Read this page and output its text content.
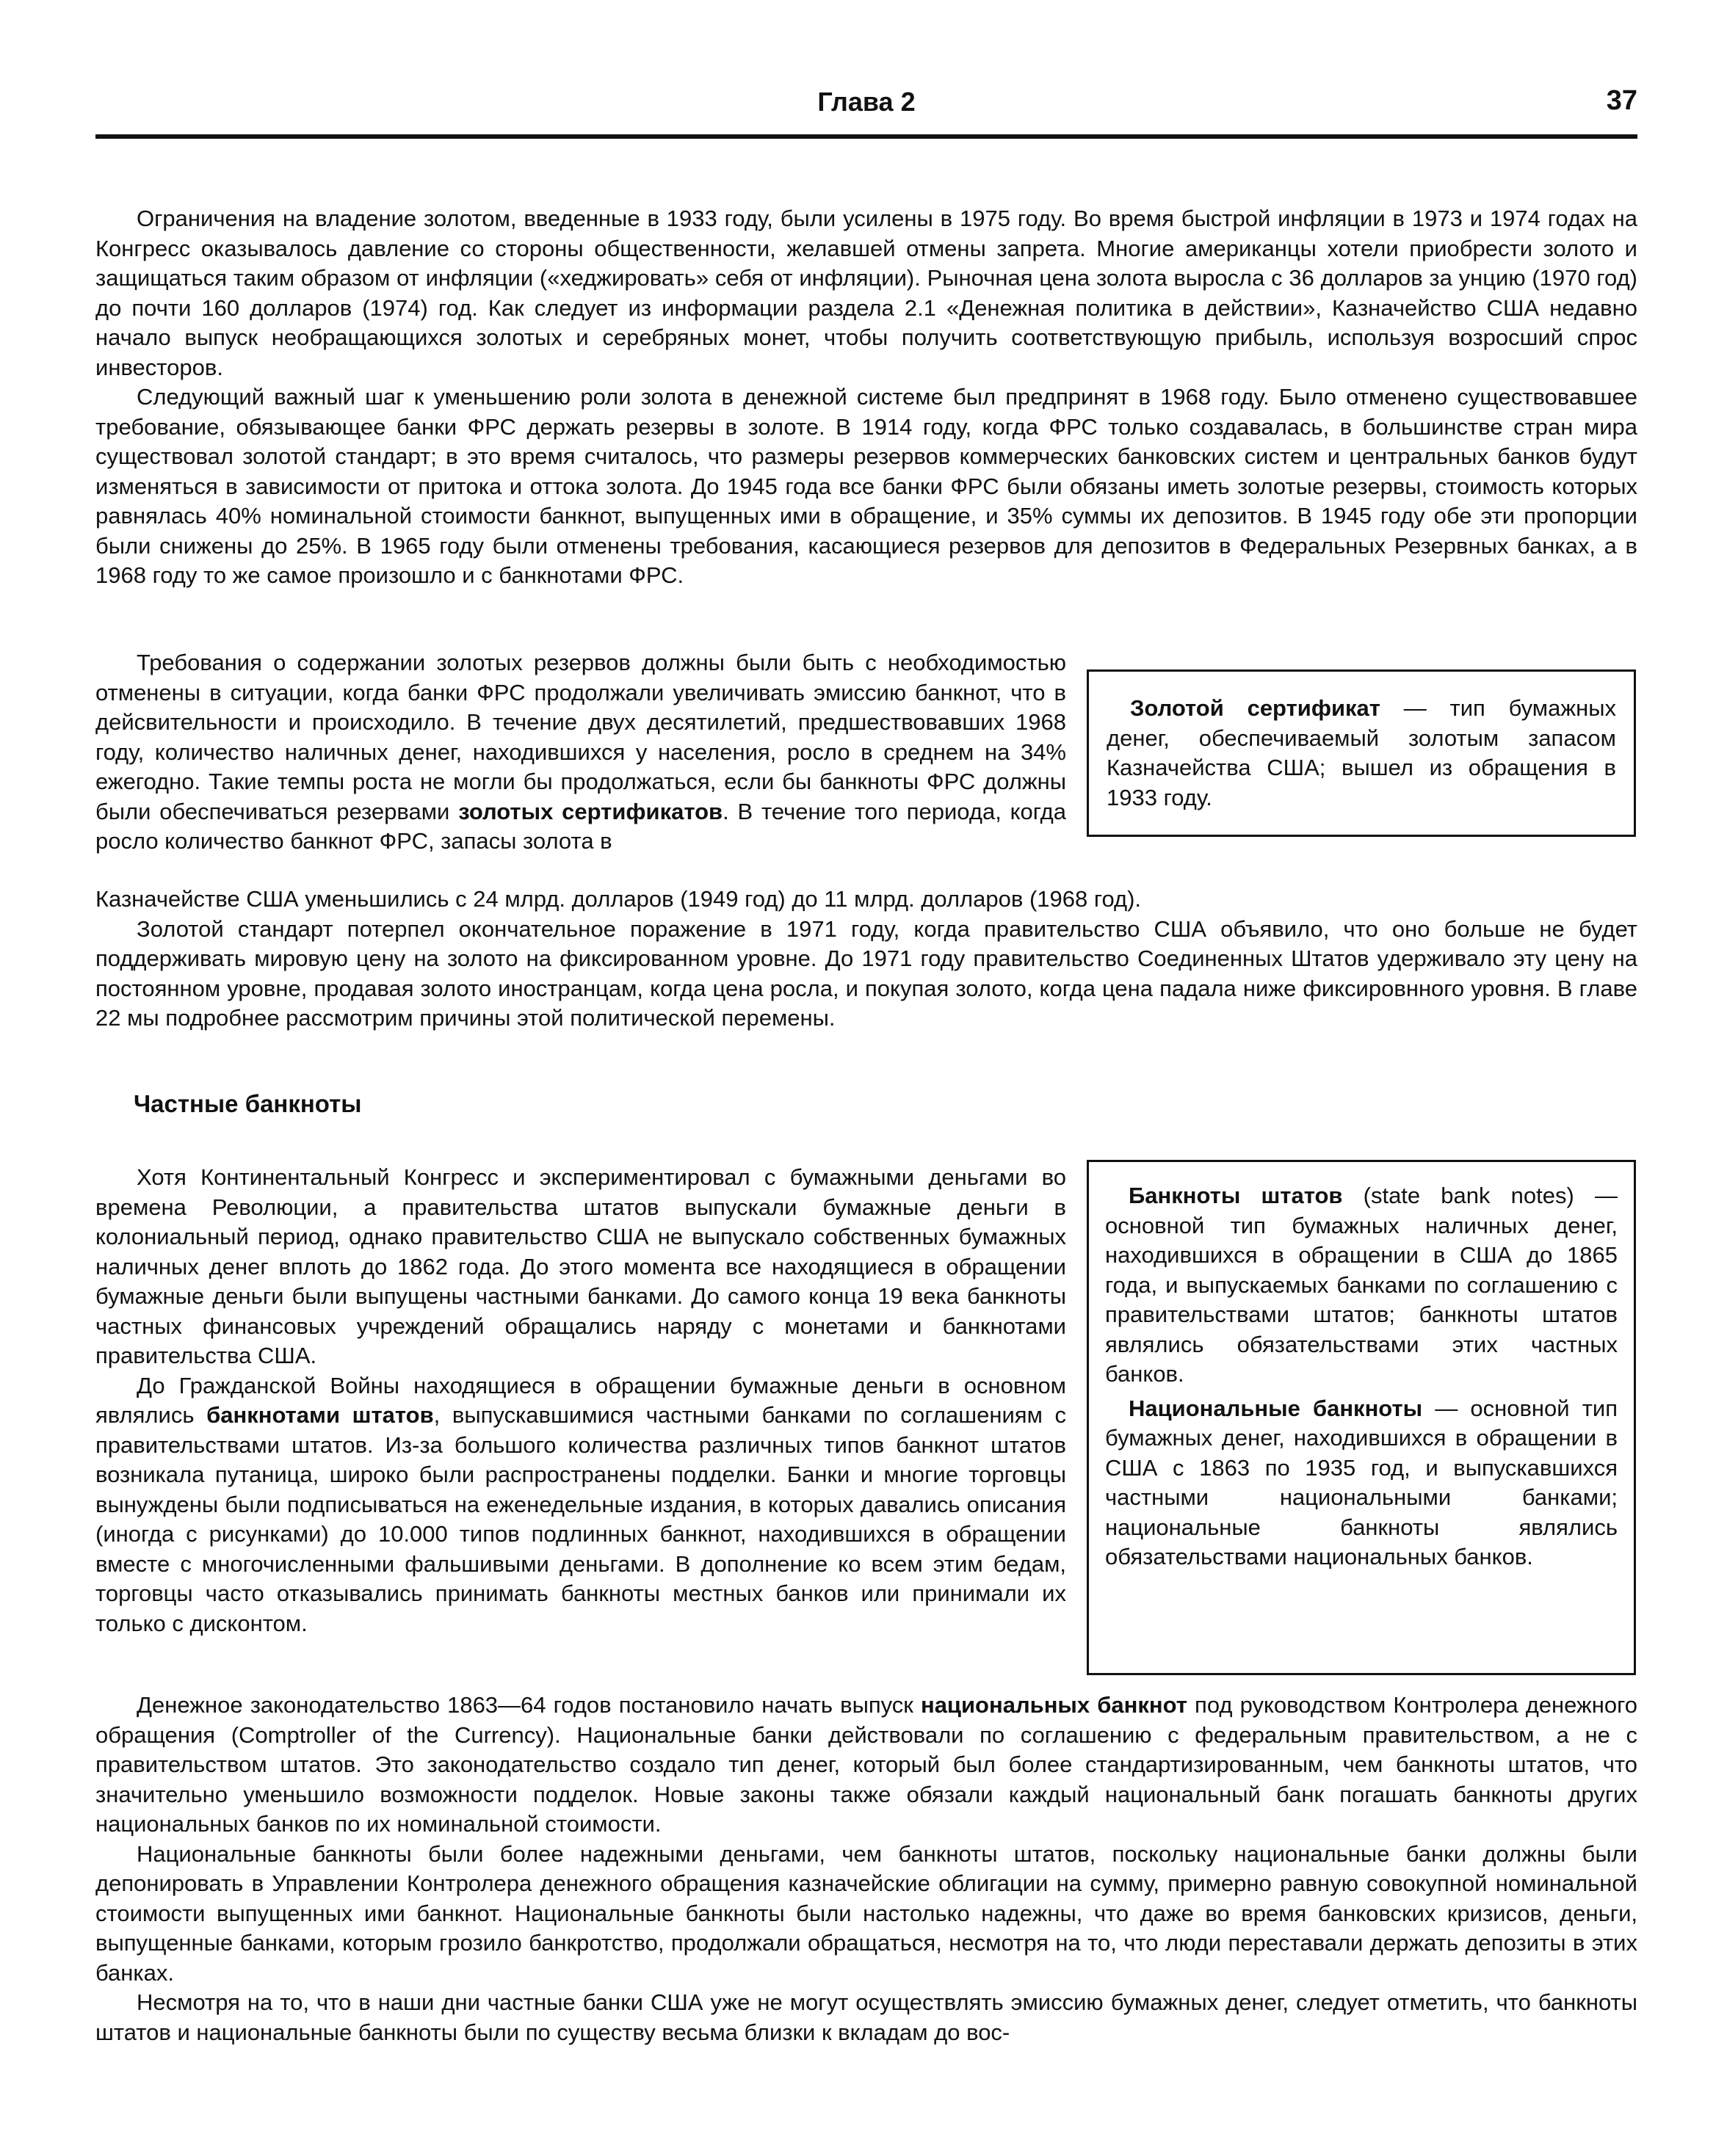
Глава 2	37

Ограничения на владение золотом, введенные в 1933 году, были усилены в 1975 году. Во время быстрой инфляции в 1973 и 1974 годах на Конгресс оказывалось давление со стороны общественности, желавшей отмены запрета. Многие американцы хотели приобрести золото и защищаться таким образом от инфляции («хеджировать» себя от инфляции). Рыночная цена золота выросла с 36 долларов за унцию (1970 год) до почти 160 долларов (1974) год. Как следует из информации раздела 2.1 «Денежная политика в действии», Казначейство США недавно начало выпуск необращающихся золотых и серебряных монет, чтобы получить соответствующую прибыль, используя возросший спрос инвесторов.

Следующий важный шаг к уменьшению роли золота в денежной системе был предпринят в 1968 году. Было отменено существовавшее требование, обязывающее банки ФРС держать резервы в золоте. В 1914 году, когда ФРС только создавалась, в большинстве стран мира существовал золотой стандарт; в это время считалось, что размеры резервов коммерческих банковских систем и центральных банков будут изменяться в зависимости от притока и оттока золота. До 1945 года все банки ФРС были обязаны иметь золотые резервы, стоимость которых равнялась 40% номинальной стоимости банкнот, выпущенных ими в обращение, и 35% суммы их депозитов. В 1945 году обе эти пропорции были снижены до 25%. В 1965 году были отменены требования, касающиеся резервов для депозитов в Федеральных Резервных банках, а в 1968 году то же самое произошло и с банкнотами ФРС.

Требования о содержании золотых резервов должны были быть с необходимостью отменены в ситуации, когда банки ФРС продолжали увеличивать эмиссию банкнот, что в дейсвительности и происходило. В течение двух десятилетий, предшествовавших 1968 году, количество наличных денег, находившихся у населения, росло в среднем на 34% ежегодно. Такие темпы роста не могли бы продолжаться, если бы банкноты ФРС должны были обеспечиваться резервами золотых сертификатов. В течение того периода, когда росло количество банкнот ФРС, запасы золота в

Золотой сертификат — тип бумажных денег, обеспечиваемый золотым запасом Казначейства США; вышел из обращения в 1933 году.

Казначействе США уменьшились с 24 млрд. долларов (1949 год) до 11 млрд. долларов (1968 год).

Золотой стандарт потерпел окончательное поражение в 1971 году, когда правительство США объявило, что оно больше не будет поддерживать мировую цену на золото на фиксированном уровне. До 1971 году правительство Соединенных Штатов удерживало эту цену на постоянном уровне, продавая золото иностранцам, когда цена росла, и покупая золото, когда цена падала ниже фиксировнного уровня. В главе 22 мы подробнее рассмотрим причины этой политической перемены.

Частные банкноты

Хотя Континентальный Конгресс и экспериментировал с бумажными деньгами во времена Революции, а правительства штатов выпускали бумажные деньги в колониальный период, однако правительство США не выпускало собственных бумажных наличных денег вплоть до 1862 года. До этого момента все находящиеся в обращении бумажные деньги были выпущены частными банками. До самого конца 19 века банкноты частных финансовых учреждений обращались наряду с монетами и банкнотами правительства США.

До Гражданской Войны находящиеся в обращении бумажные деньги в основном являлись банкнотами штатов, выпускавшимися частными банками по соглашениям с правительствами штатов. Из-за большого количества различных типов банкнот штатов возникала путаница, широко были распространены подделки. Банки и многие торговцы вынуждены были подписываться на еженедельные издания, в которых давались описания (иногда с рисунками) до 10.000 типов подлинных банкнот, находившихся в обращении вместе с многочисленными фальшивыми деньгами. В дополнение ко всем этим бедам, торговцы часто отказывались принимать банкноты местных банков или принимали их только с дисконтом.

Банкноты штатов (state bank notes) — основной тип бумажных наличных денег, находившихся в обращении в США до 1865 года, и выпускаемых банками по соглашению с правительствами штатов; банкноты штатов являлись обязательствами этих частных банков.

Национальные банкноты — основной тип бумажных денег, находившихся в обращении в США с 1863 по 1935 год, и выпускавшихся частными национальными банками; национальные банкноты являлись обязательствами национальных банков.

Денежное законодательство 1863—64 годов постановило начать выпуск национальных банкнот под руководством Контролера денежного обращения (Comptroller of the Currency). Национальные банки действовали по соглашению с федеральным правительством, а не с правительством штатов. Это законодательство создало тип денег, который был более стандартизированным, чем банкноты штатов, что значительно уменьшило возможности подделок. Новые законы также обязали каждый национальный банк погашать банкноты других национальных банков по их номинальной стоимости.

Национальные банкноты были более надежными деньгами, чем банкноты штатов, поскольку национальные банки должны были депонировать в Управлении Контролера денежного обращения казначейские облигации на сумму, примерно равную совокупной номинальной стоимости выпущенных ими банкнот. Национальные банкноты были настолько надежны, что даже во время банковских кризисов, деньги, выпущенные банками, которым грозило банкротство, продолжали обращаться, несмотря на то, что люди переставали держать депозиты в этих банках.

Несмотря на то, что в наши дни частные банки США уже не могут осуществлять эмиссию бумажных денег, следует отметить, что банкноты штатов и национальные банкноты были по существу весьма близки к вкладам до вос-
